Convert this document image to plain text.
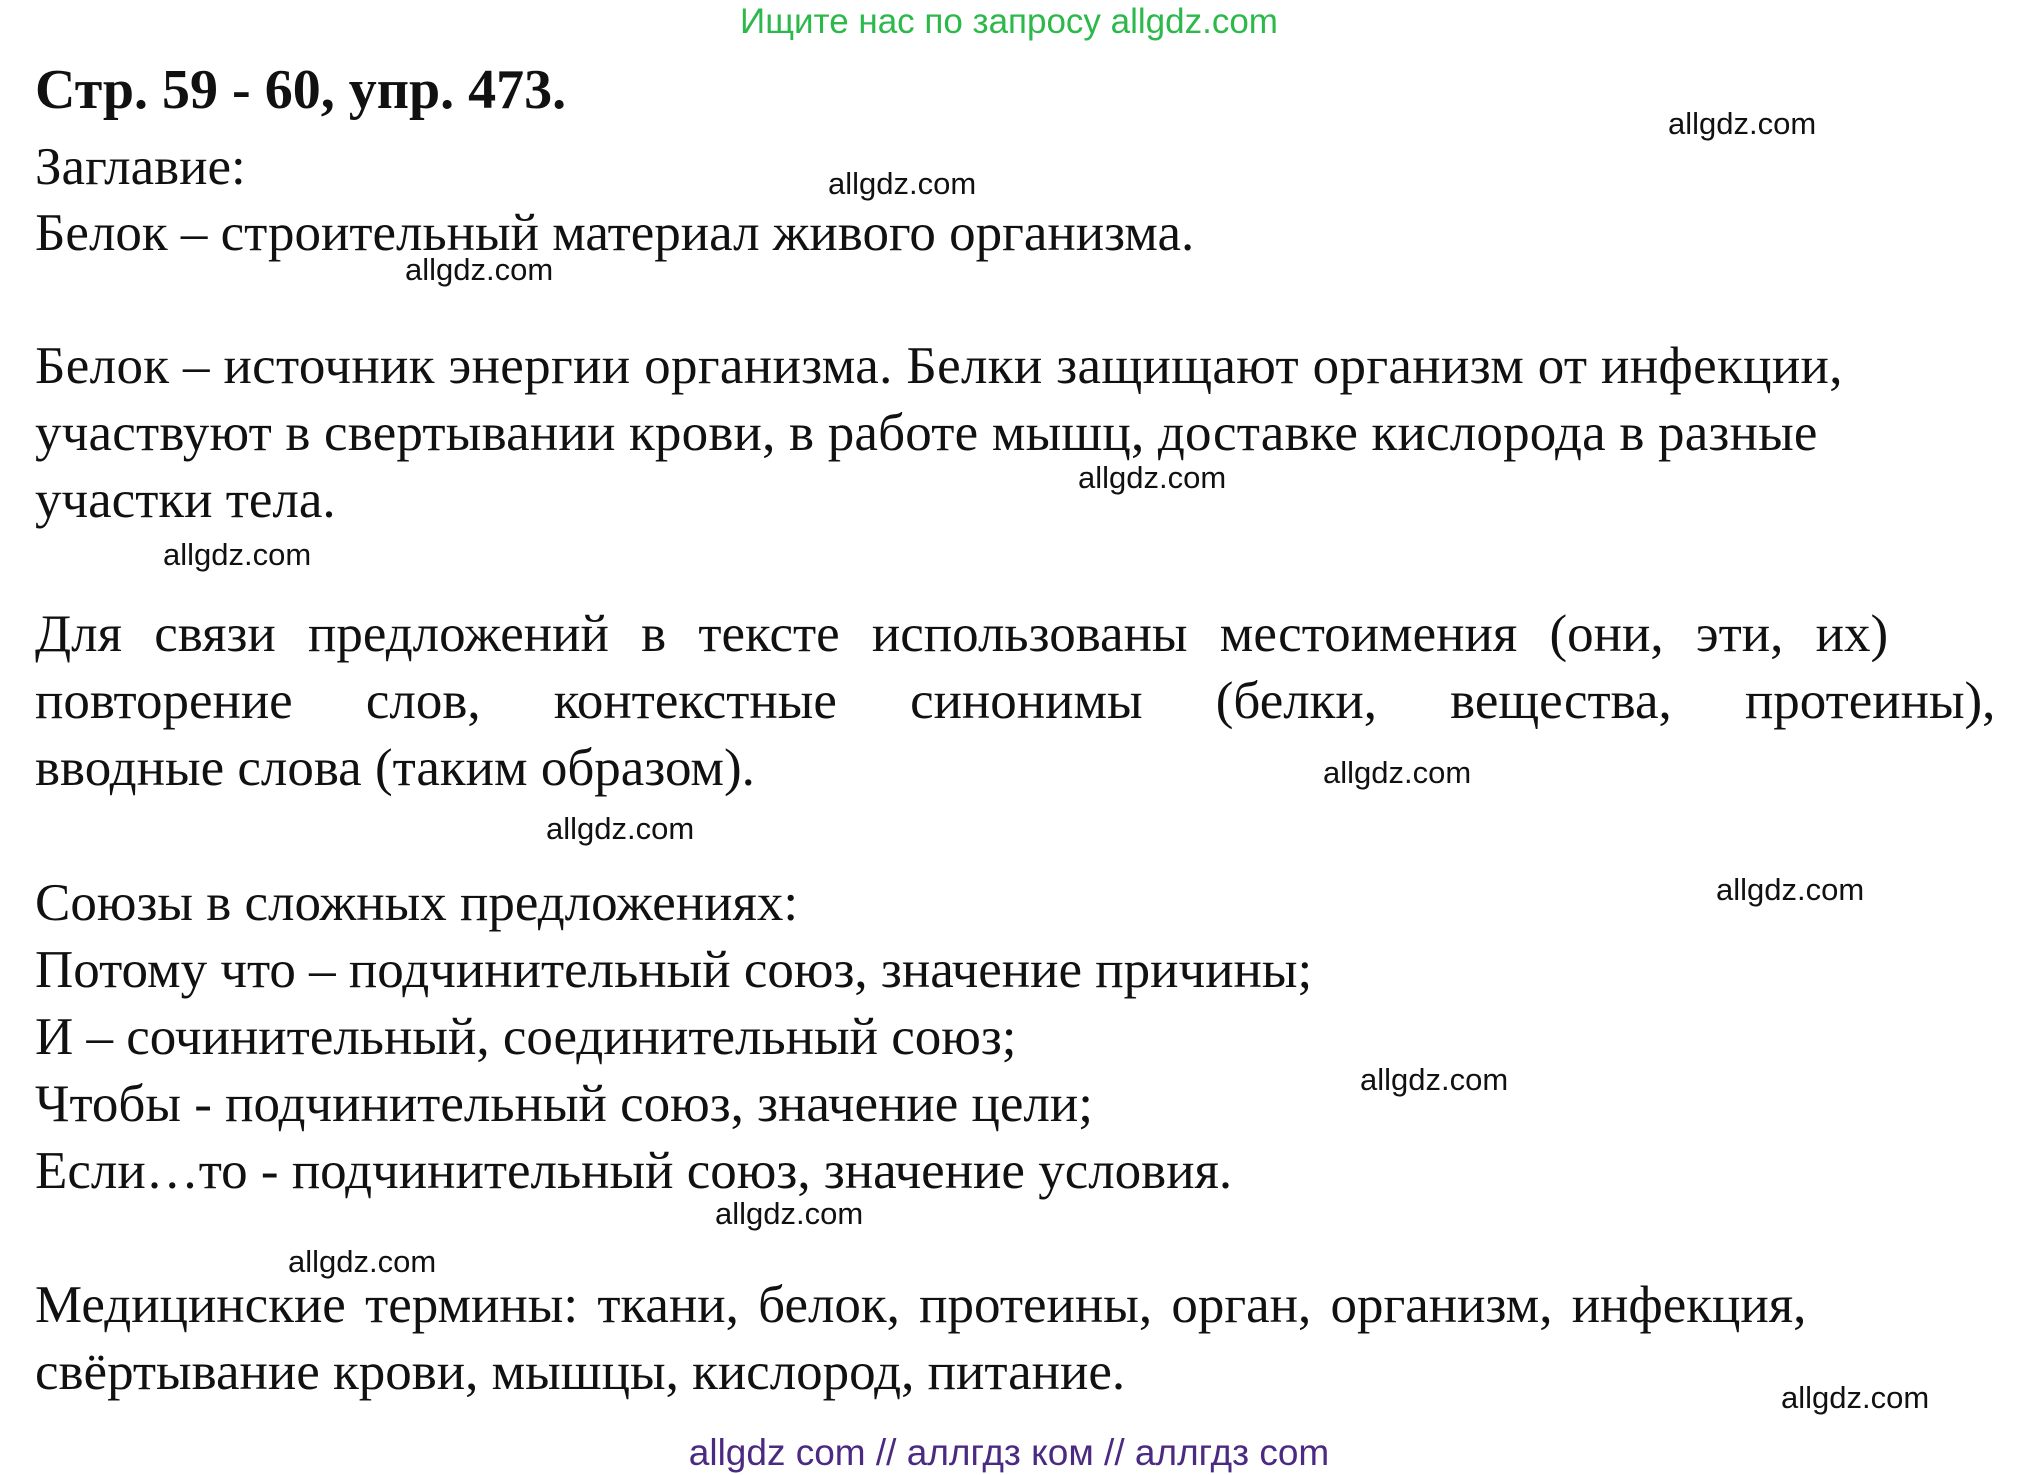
Ищите нас по запросу allgdz.com
Стр. 59 - 60, упр. 473.
Заглавие:
Белок – строительный материал живого организма.
Белок – источник энергии организма. Белки защищают организм от инфекции,
участвуют в свертывании крови, в работе мышц, доставке кислорода в разные
участки тела.
Для связи предложений в тексте использованы местоимения (они, эти, их)
повторение слов, контекстные синонимы (белки, вещества, протеины),
вводные слова (таким образом).
Союзы в сложных предложениях:
Потому что – подчинительный союз, значение причины;
И – сочинительный, соединительный союз;
Чтобы - подчинительный союз, значение цели;
Если…то - подчинительный союз, значение условия.
Медицинские термины: ткани, белок, протеины, орган, организм, инфекция,
свёртывание крови, мышцы, кислород, питание.
allgdz.com
allgdz.com
allgdz.com
allgdz.com
allgdz.com
allgdz.com
allgdz.com
allgdz.com
allgdz.com
allgdz.com
allgdz.com
allgdz.com
allgdz com // аллгдз ком // аллгдз com
